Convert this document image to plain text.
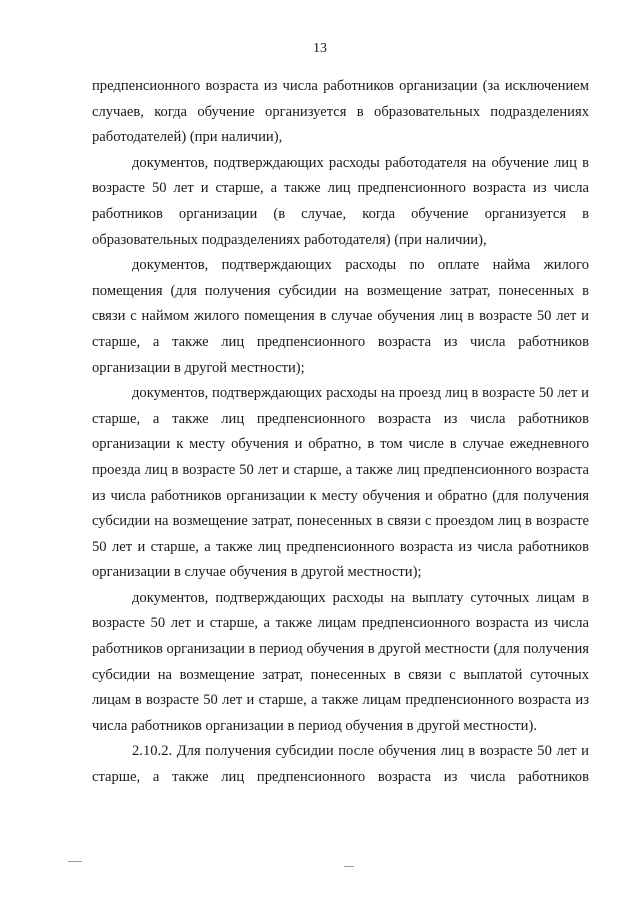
13

предпенсионного возраста из числа работников организации (за исключением случаев, когда обучение организуется в образовательных подразделениях работодателей) (при наличии),

документов, подтверждающих расходы работодателя на обучение лиц в возрасте 50 лет и старше, а также лиц предпенсионного возраста из числа работников организации (в случае, когда обучение организуется в образовательных подразделениях работодателя) (при наличии),

документов, подтверждающих расходы по оплате найма жилого помещения (для получения субсидии на возмещение затрат, понесенных в связи с наймом жилого помещения в случае обучения лиц в возрасте 50 лет и старше, а также лиц предпенсионного возраста из числа работников организации в другой местности);

документов, подтверждающих расходы на проезд лиц в возрасте 50 лет и старше, а также лиц предпенсионного возраста из числа работников организации к месту обучения и обратно, в том числе в случае ежедневного проезда лиц в возрасте 50 лет и старше, а также лиц предпенсионного возраста из числа работников организации к месту обучения и обратно (для получения субсидии на возмещение затрат, понесенных в связи с проездом лиц в возрасте 50 лет и старше, а также лиц предпенсионного возраста из числа работников организации в случае обучения в другой местности);

документов, подтверждающих расходы на выплату суточных лицам в возрасте 50 лет и старше, а также лицам предпенсионного возраста из числа работников организации в период обучения в другой местности (для получения субсидии на возмещение затрат, понесенных в связи с выплатой суточных лицам в возрасте 50 лет и старше, а также лицам предпенсионного возраста из числа работников организации в период обучения в другой местности).

2.10.2. Для получения субсидии после обучения лиц в возрасте 50 лет и старше, а также лиц предпенсионного возраста из числа работников
